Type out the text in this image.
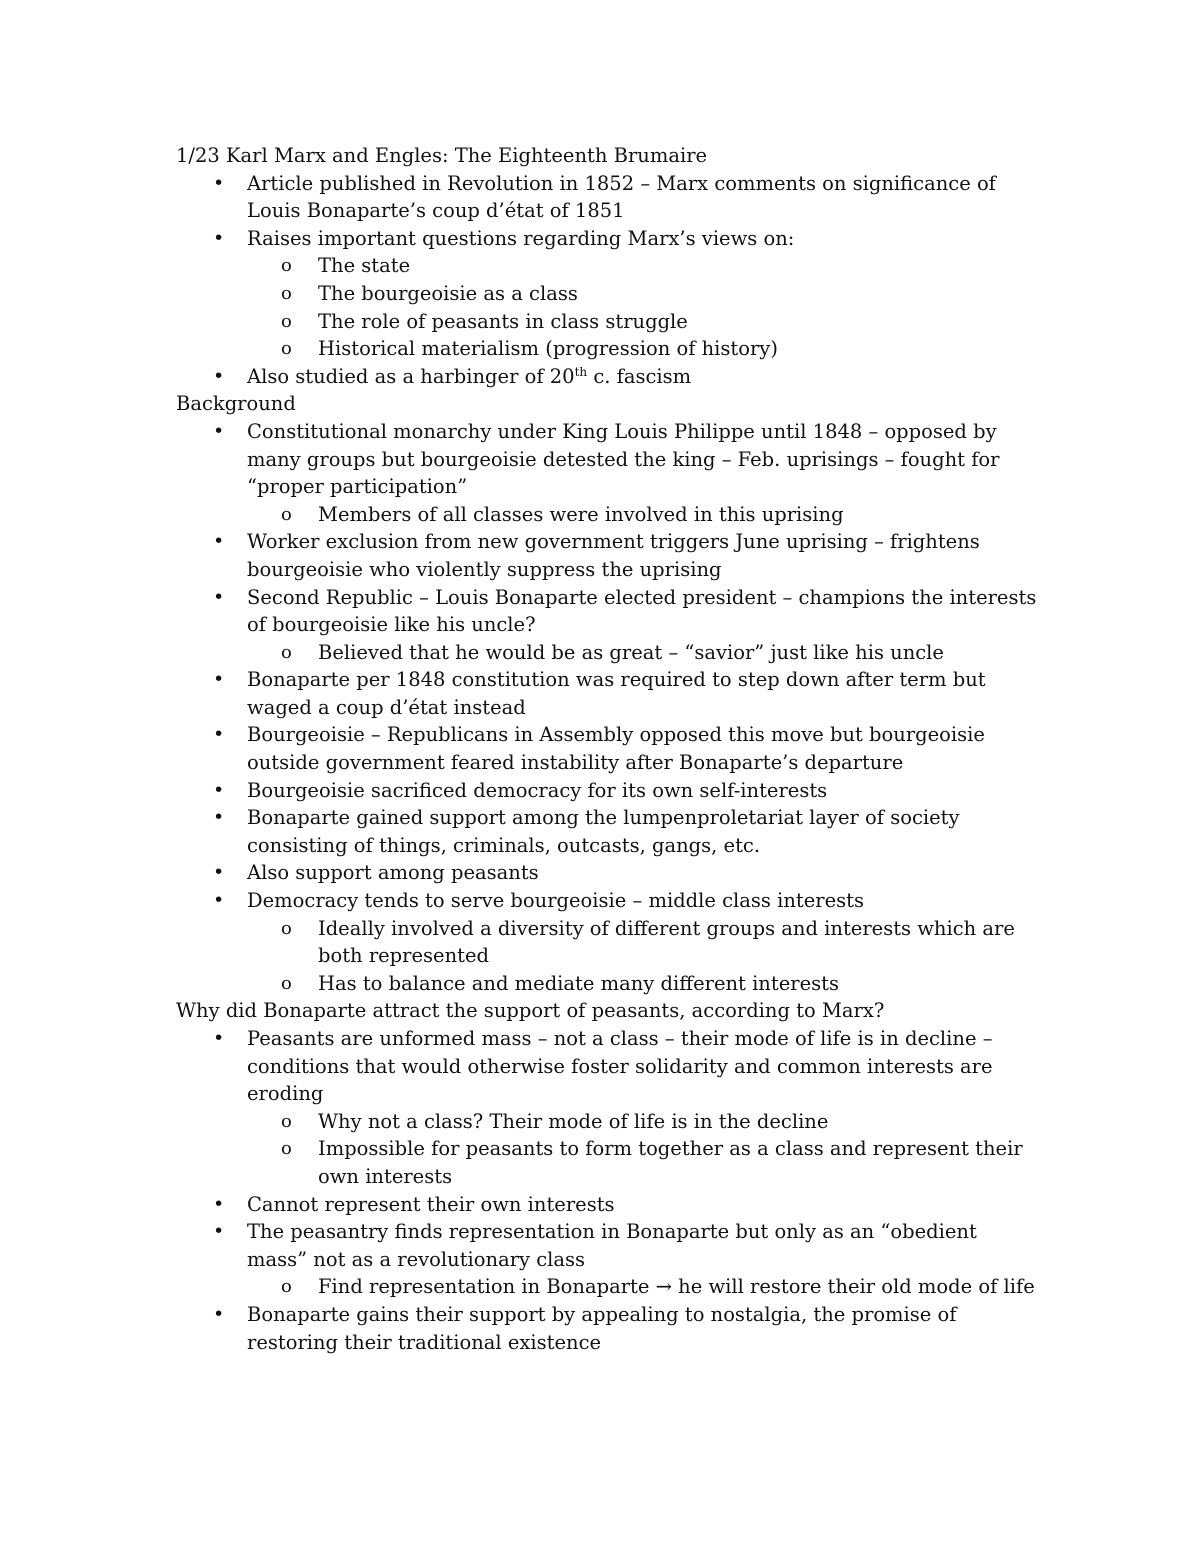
1/23 Karl Marx and Engles: The Eighteenth Brumaire

• Article published in Revolution in 1852 – Marx comments on significance of Louis Bonaparte’s coup d’état of 1851
• Raises important questions regarding Marx’s views on:
o The state
o The bourgeoisie as a class
o The role of peasants in class struggle
o Historical materialism (progression of history)
• Also studied as a harbinger of 20th c. fascism

Background

• Constitutional monarchy under King Louis Philippe until 1848 – opposed by many groups but bourgeoisie detested the king – Feb. uprisings – fought for “proper participation”
o Members of all classes were involved in this uprising
• Worker exclusion from new government triggers June uprising – frightens bourgeoisie who violently suppress the uprising
• Second Republic – Louis Bonaparte elected president – champions the interests of bourgeoisie like his uncle?
o Believed that he would be as great – “savior” just like his uncle
• Bonaparte per 1848 constitution was required to step down after term but waged a coup d’état instead
• Bourgeoisie – Republicans in Assembly opposed this move but bourgeoisie outside government feared instability after Bonaparte’s departure
• Bourgeoisie sacrificed democracy for its own self-interests
• Bonaparte gained support among the lumpenproletariat layer of society consisting of things, criminals, outcasts, gangs, etc.
• Also support among peasants
• Democracy tends to serve bourgeoisie – middle class interests
o Ideally involved a diversity of different groups and interests which are both represented
o Has to balance and mediate many different interests

Why did Bonaparte attract the support of peasants, according to Marx?

• Peasants are unformed mass – not a class – their mode of life is in decline – conditions that would otherwise foster solidarity and common interests are eroding
o Why not a class? Their mode of life is in the decline
o Impossible for peasants to form together as a class and represent their own interests
• Cannot represent their own interests
• The peasantry finds representation in Bonaparte but only as an “obedient mass” not as a revolutionary class
o Find representation in Bonaparte → he will restore their old mode of life
• Bonaparte gains their support by appealing to nostalgia, the promise of restoring their traditional existence
